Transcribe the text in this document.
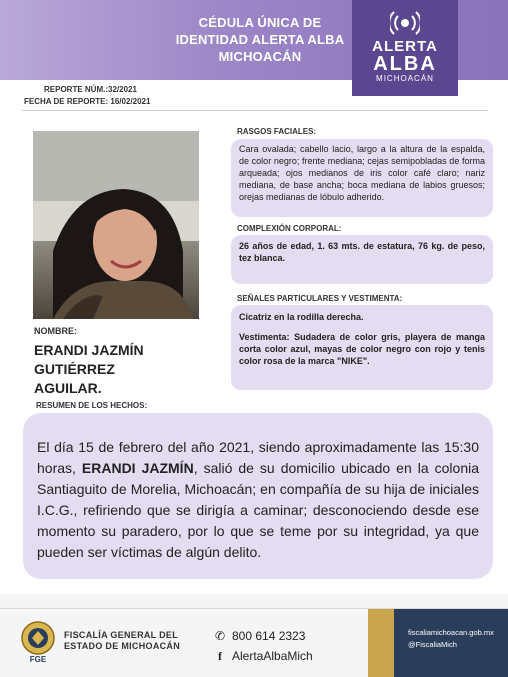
CÉDULA ÚNICA DE
IDENTIDAD ALERTA ALBA
MICHOACÁN
ALERTA
ALBA
MICHOACÁN
REPORTE NÚM.:32/2021
FECHA DE REPORTE: 16/02/2021
NOMBRE:
ERANDI JAZMÍN GUTIÉRREZ
AGUILAR.
RASGOS FACIALES:

Cara ovalada; cabello lacio, largo a la altura de la espalda, de color negro; frente mediana; cejas semipobladas de forma arqueada; ojos medianos de iris color café claro; nariz mediana, de base ancha; boca mediana de labios gruesos; orejas medianas de lóbulo adherido.

COMPLEXIÓN CORPORAL:

26 años de edad, 1. 63 mts. de estatura, 76 kg. de peso, tez blanca.

SEÑALES PARTICULARES Y VESTIMENTA:

Cicatriz en la rodilla derecha.

Vestimenta: Sudadera de color gris, playera de manga corta color azul, mayas de color negro con rojo y tenis color rosa de la marca "NIKE".

RESUMEN DE LOS HECHOS:

El día 15 de febrero del año 2021, siendo aproximadamente las 15:30 horas, ERANDI JAZMÍN, salió de su domicilio ubicado en la colonia Santiaguito de Morelia, Michoacán; en compañía de su hija de iniciales I.C.G., refiriendo que se dirigía a caminar; desconociendo desde ese momento su paradero, por lo que se teme por su integridad, ya que pueden ser víctimas de algún delito.

FGE
FISCALÍA GENERAL DEL
ESTADO DE MICHOACÁN
✆ 800 614 2323
f AlertaAlbaMich
fiscaliamichoacan.gob.mx
@FiscaliaMich
